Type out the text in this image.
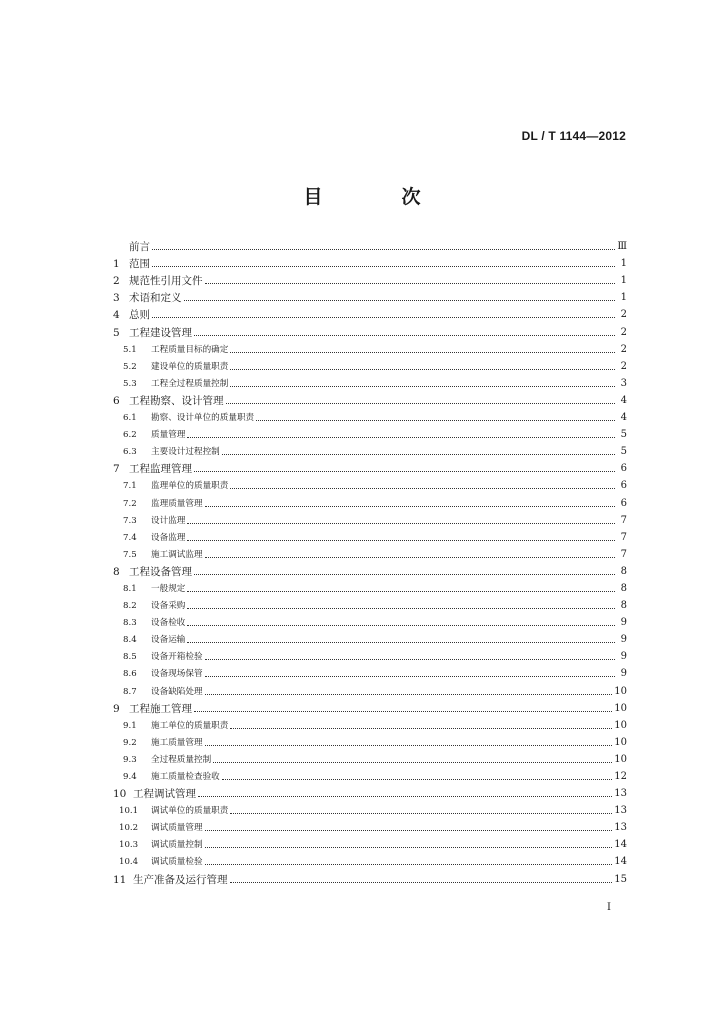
DL / T 1144—2012
目　次
前言	Ⅲ
1 范围	1
2 规范性引用文件	1
3 术语和定义	1
4 总则	2
5 工程建设管理	2
5.1	工程质量目标的确定	2
5.2	建设单位的质量职责	2
5.3	工程全过程质量控制	3
6 工程勘察、设计管理	4
6.1	勘察、设计单位的质量职责	4
6.2	质量管理	5
6.3	主要设计过程控制	5
7 工程监理管理	6
7.1	监理单位的质量职责	6
7.2	监理质量管理	6
7.3	设计监理	7
7.4	设备监理	7
7.5	施工调试监理	7
8 工程设备管理	8
8.1	一般规定	8
8.2	设备采购	8
8.3	设备检收	9
8.4	设备运输	9
8.5	设备开箱检验	9
8.6	设备现场保管	9
8.7	设备缺陷处理	10
9 工程施工管理	10
9.1	施工单位的质量职责	10
9.2	施工质量管理	10
9.3	全过程质量控制	10
9.4	施工质量检查验收	12
10 工程调试管理	13
10.1	调试单位的质量职责	13
10.2	调试质量管理	13
10.3	调试质量控制	14
10.4	调试质量检验	14
11 生产准备及运行管理	15
I
